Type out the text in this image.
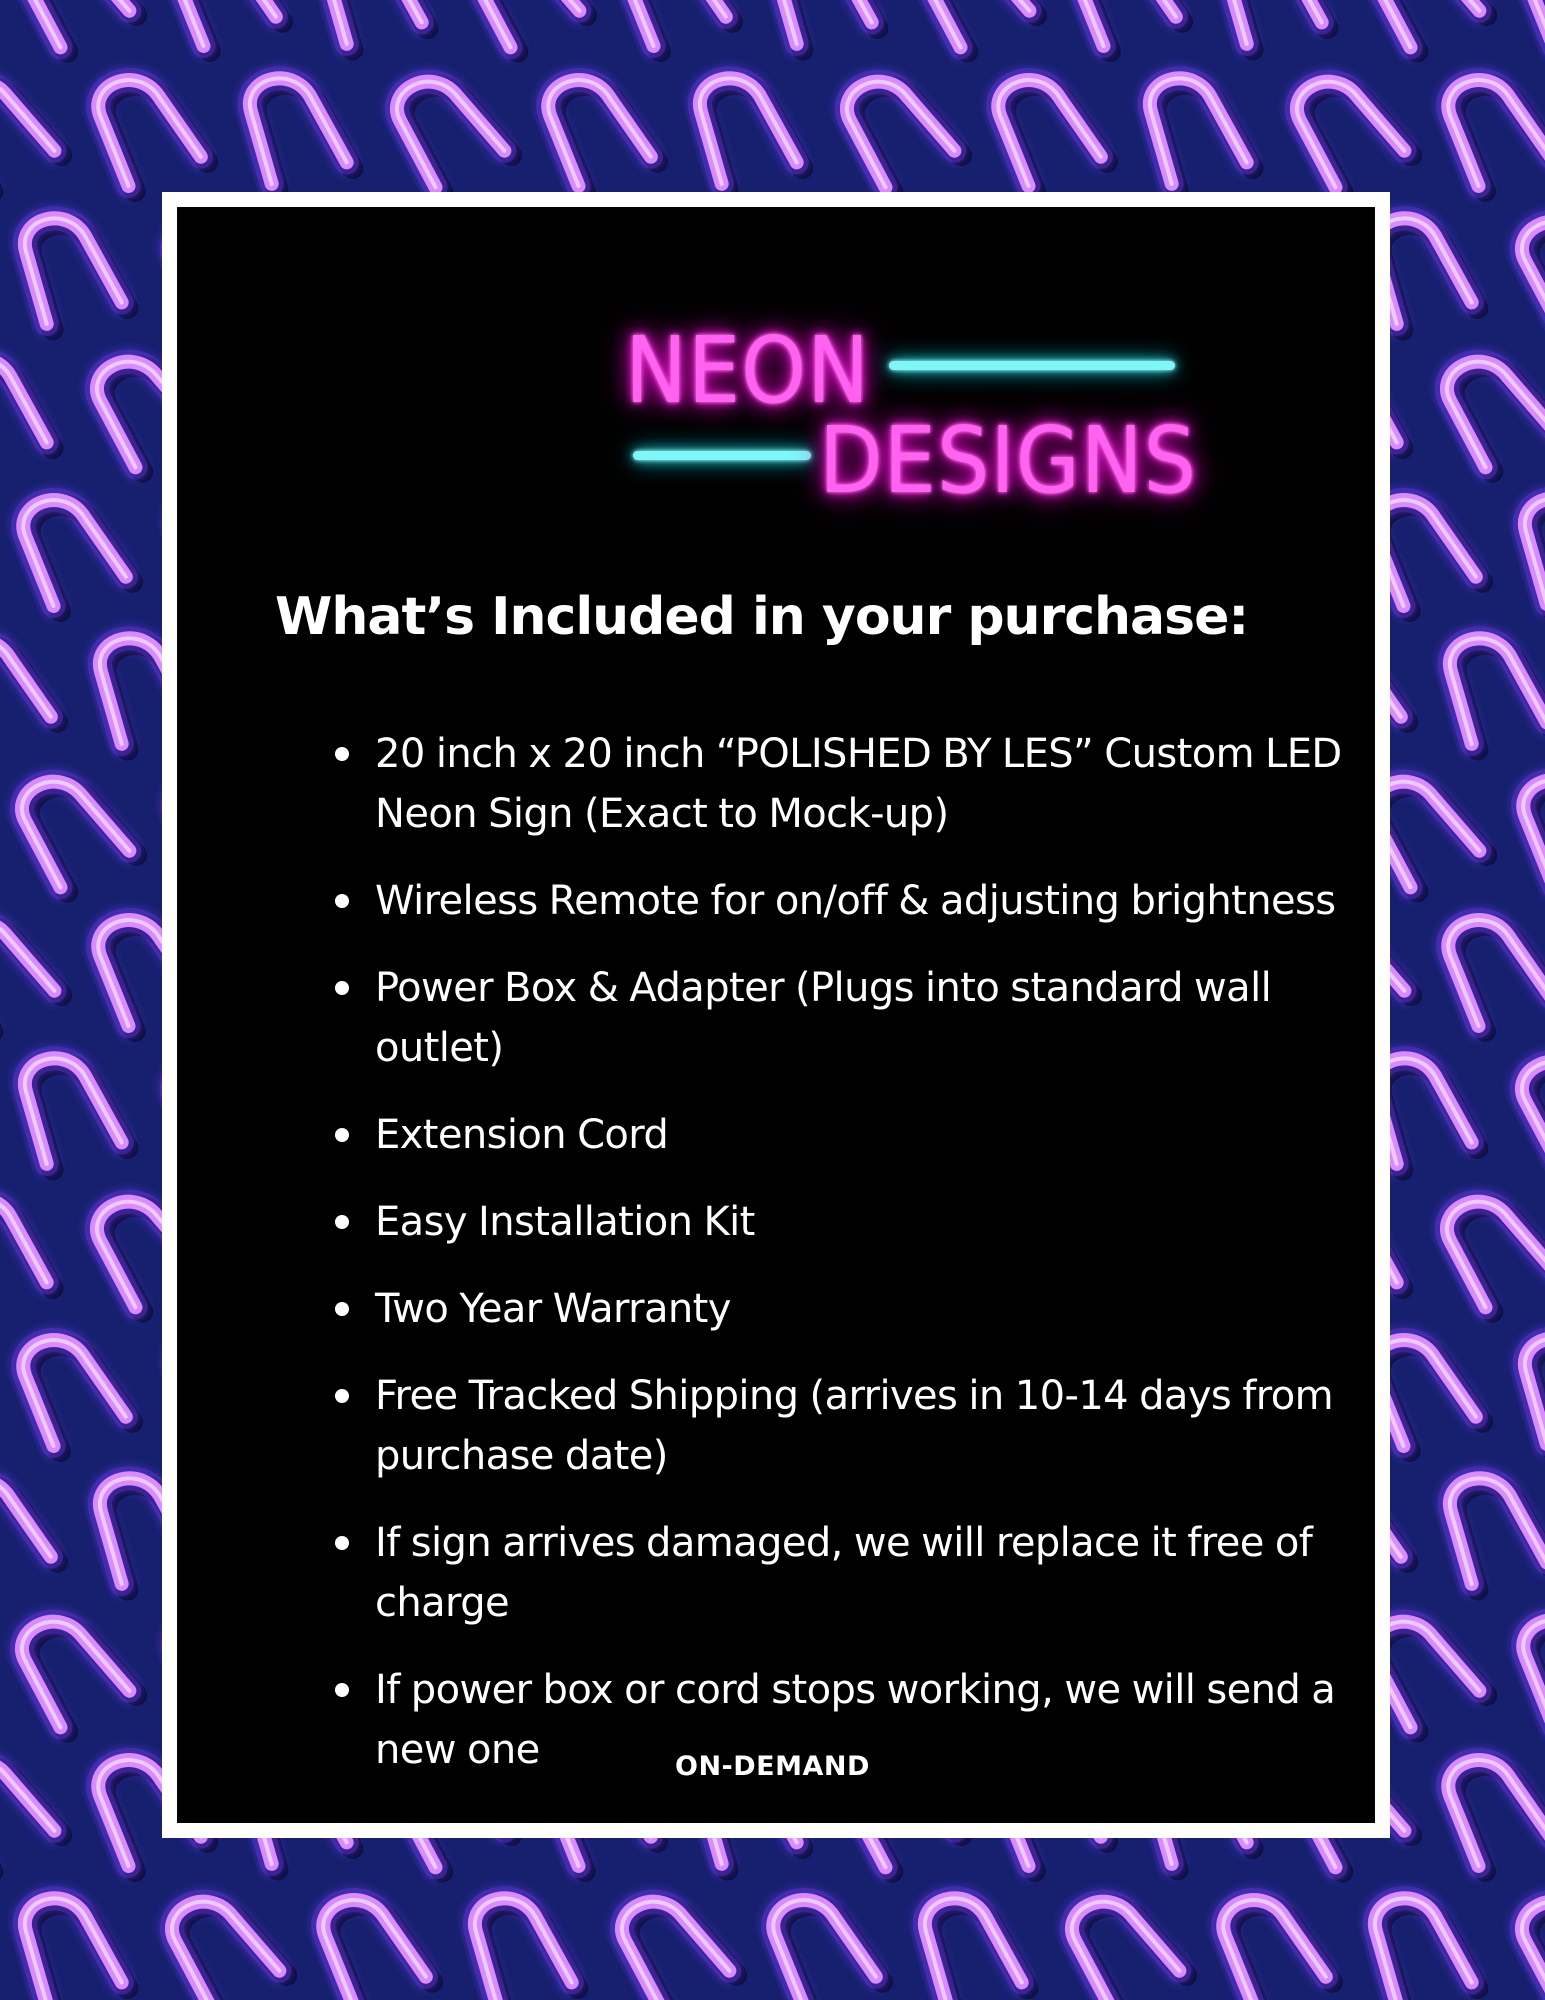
NEON
DESIGNS
What’s Included in your purchase:
20 inch x 20 inch “POLISHED BY LES” Custom LED Neon Sign (Exact to Mock-up)
Wireless Remote for on/off & adjusting brightness
Power Box & Adapter (Plugs into standard wall outlet)
Extension Cord
Easy Installation Kit
Two Year Warranty
Free Tracked Shipping (arrives in 10-14 days from purchase date)
If sign arrives damaged, we will replace it free of charge
If power box or cord stops working, we will send a new one	ON-DEMAND
